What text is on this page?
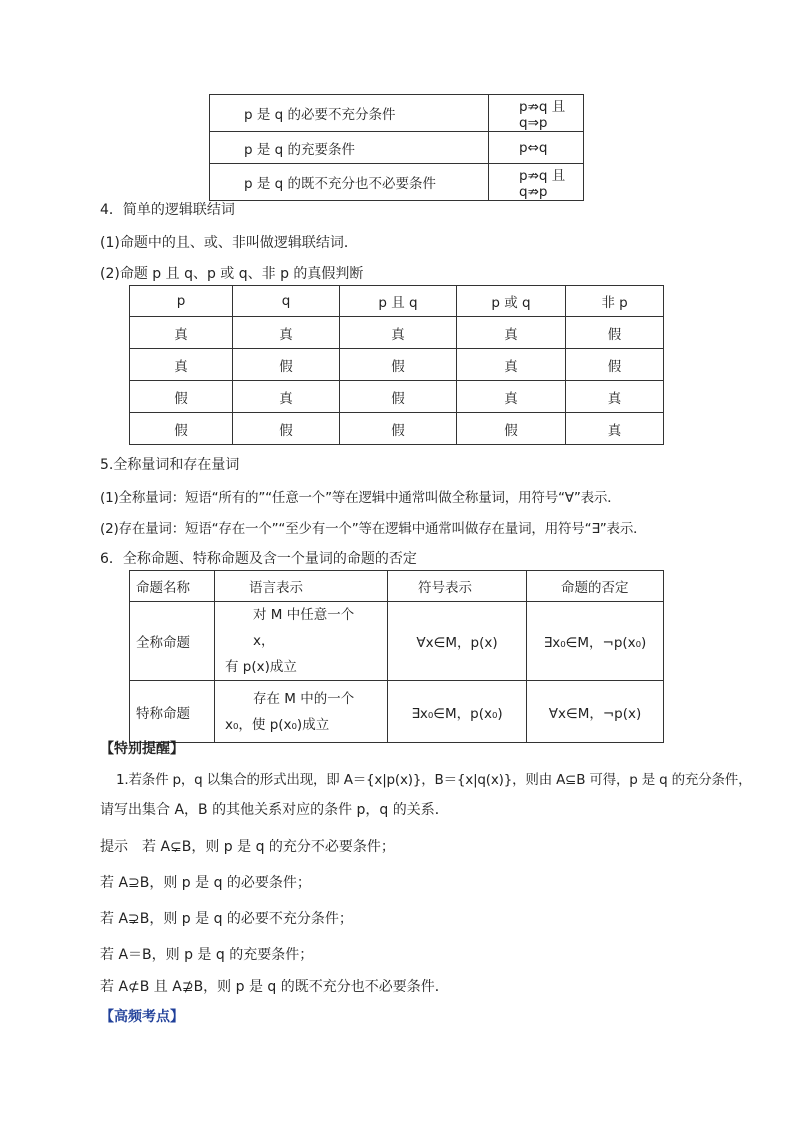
p 是 q 的必要不充分条件	p⇏q 且 q⇒p
p 是 q 的充要条件	p⇔q
p 是 q 的既不充分也不必要条件	p⇏q 且 q⇏p
4．简单的逻辑联结词
(1)命题中的且、或、非叫做逻辑联结词．
(2)命题 p 且 q、p 或 q、非 p 的真假判断
p	q	p 且 q	p 或 q	非 p
真	真	真	真	假
真	假	假	真	假
假	真	假	真	真
假	假	假	假	真
5.全称量词和存在量词
(1)全称量词：短语“所有的”“任意一个”等在逻辑中通常叫做全称量词，用符号“∀”表示．
(2)存在量词：短语“存在一个”“至少有一个”等在逻辑中通常叫做存在量词，用符号“∃”表示．
6．全称命题、特称命题及含一个量词的命题的否定
命题名称	语言表示	符号表示	命题的否定
全称命题	对 M 中任意一个 x，
有 p(x)成立	∀x∈M，p(x)	∃x₀∈M，¬p(x₀)
特称命题	存在 M 中的一个
x₀，使 p(x₀)成立	∃x₀∈M，p(x₀)	∀x∈M，¬p(x)
【特别提醒】
1.若条件 p，q 以集合的形式出现，即 A＝{x|p(x)}，B＝{x|q(x)}，则由 A⊆B 可得，p 是 q 的充分条件，
请写出集合 A，B 的其他关系对应的条件 p，q 的关系．
提示　若 A⊊B，则 p 是 q 的充分不必要条件；
若 A⊇B，则 p 是 q 的必要条件；
若 A⊋B，则 p 是 q 的必要不充分条件；
若 A＝B，则 p 是 q 的充要条件；
若 A⊄B 且 A⊉B，则 p 是 q 的既不充分也不必要条件．
【高频考点】
